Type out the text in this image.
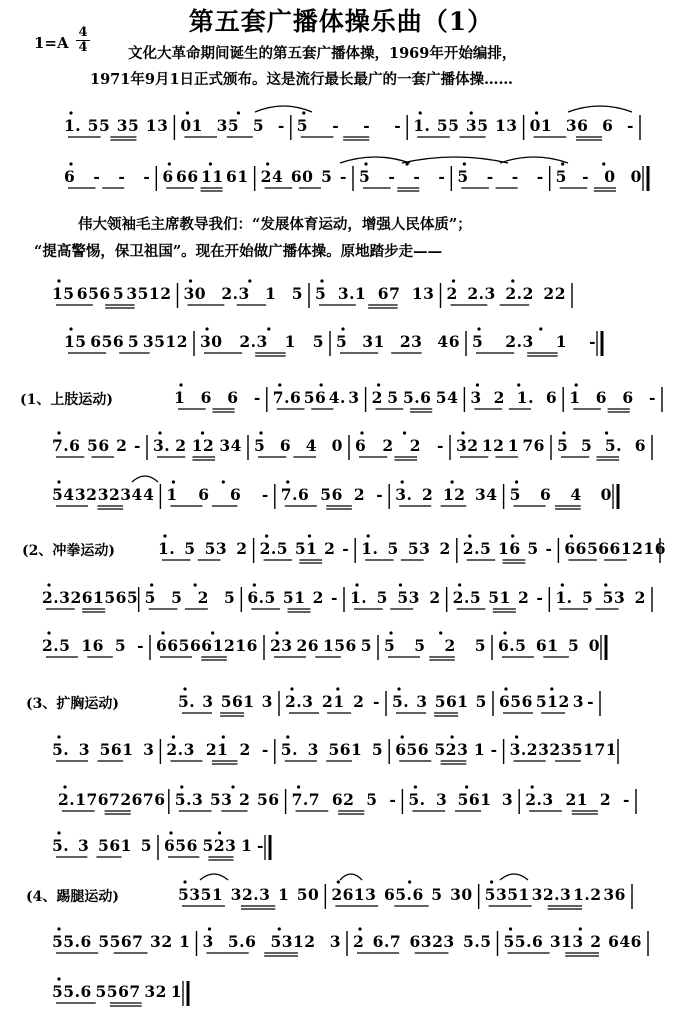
第五套广播体操乐曲（1）
1=A
4
4	文化大革命期间诞生的第五套广播体操，1969年开始编排，
1971年9月1日正式颁布。这是流行最长最广的一套广播体操……
伟大领袖毛主席教导我们：“发展体育运动，增强人民体质”；
“提高警惕，保卫祖国”。现在开始做广播体操。原地踏步走——
1. 55 35 13 01 35 5 - 5 - - - 1. 55 35 13 01 36 6 -
6 - - - 6 66 11 61 24 60 5 - 5 - - - 5 - - - 5 - 0 0
15 656 5 3512 30 2.3 1 5 5 3.1 67 13 2 2.3 2.2 22
15 656 5 3512 30 2.3 1 5 5 31 23 46 5 2.3 1 -
(1、上肢运动)	1 6 6 - 7.6 56 4. 3 2 5 5.6 54 3 2 1. 6 1 6 6 -
7.6 56 2 - 3. 2 12 34 5 6 4 0 6 2 2 - 32 12 1 76 5 5 5. 6
54 32 3234 4 1 6 6 - 7.6 56 2 - 3. 2 12 34 5 6 4 0
(2、冲拳运动)	1. 5 53 2 2.5 51 2 - 1. 5 53 2 2.5 16 5 - 665 66 121 6
2.3 26 156 5 5 5 2 5 6.5 51 2 - 1. 5 53 2 2.5 51 2 - 1. 5 53 2
2.5 16 5 - 665 66 121 6 23 26 156 5 5 5 2 5 6.5 61 5 0
(3、扩胸运动)	5. 3 561 3 2.3 21 2 - 5. 3 561 5 656 512 3 -
5. 3 561 3 2.3 21 2 - 5. 3 561 5 656 523 1 - 3. 2 3235 171
2. 1 7672 676 5.3 53 2 56 7.7 62 5 - 5. 3 561 3 2.3 21 2 -
5. 3 561 5 656 523 1 -
(4、踢腿运动)	5351 32.3 1 50 2613 65.6 5 30 5351 32.3 1.2 36
55.6 5567 32 1 3 5.6 5312 3 2 6.7 6323 5.5 55.6 313 2 646
55.6 5567 32 1
